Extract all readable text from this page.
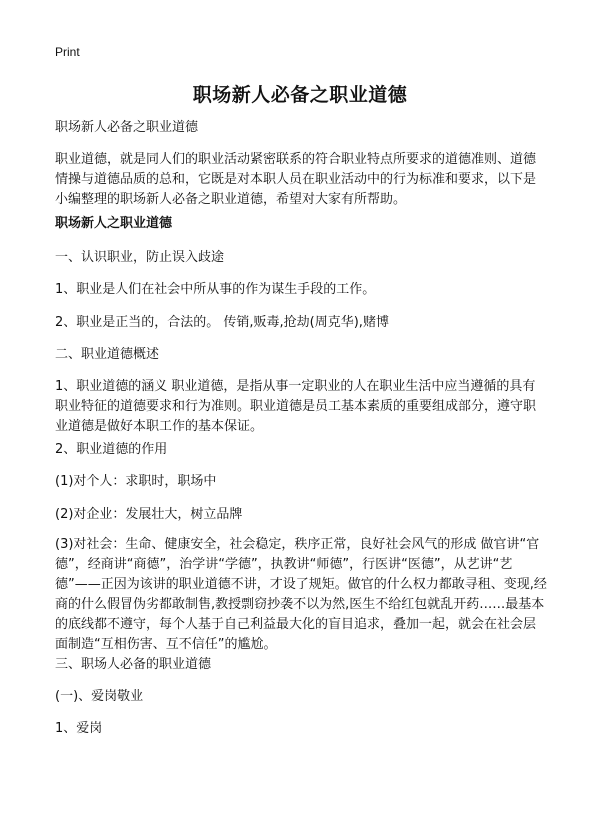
Print
职场新人必备之职业道德

职场新人必备之职业道德

职业道德，就是同人们的职业活动紧密联系的符合职业特点所要求的道德准则、道德情操与道德品质的总和，它既是对本职人员在职业活动中的行为标准和要求，以下是小编整理的职场新人必备之职业道德，希望对大家有所帮助。

职场新人之职业道德

一、认识职业，防止误入歧途

1、职业是人们在社会中所从事的作为谋生手段的工作。

2、职业是正当的，合法的。 传销,贩毒,抢劫(周克华),赌博

二、职业道德概述

1、职业道德的涵义 职业道德，是指从事一定职业的人在职业生活中应当遵循的具有职业特征的道德要求和行为准则。职业道德是员工基本素质的重要组成部分，遵守职业道德是做好本职工作的基本保证。

2、职业道德的作用

(1)对个人：求职时，职场中

(2)对企业：发展壮大，树立品牌

(3)对社会：生命、健康安全，社会稳定，秩序正常，良好社会风气的形成 做官讲“官德”，经商讲“商德”，治学讲“学德”，执教讲“师德”，行医讲“医德”，从艺讲“艺德”——正因为该讲的职业道德不讲，才设了规矩。做官的什么权力都敢寻租、变现,经商的什么假冒伪劣都敢制售,教授剽窃抄袭不以为然,医生不给红包就乱开药……最基本的底线都不遵守，每个人基于自己利益最大化的盲目追求，叠加一起，就会在社会层面制造“互相伤害、互不信任”的尴尬。

三、职场人必备的职业道德

(一)、爱岗敬业

1、爱岗
